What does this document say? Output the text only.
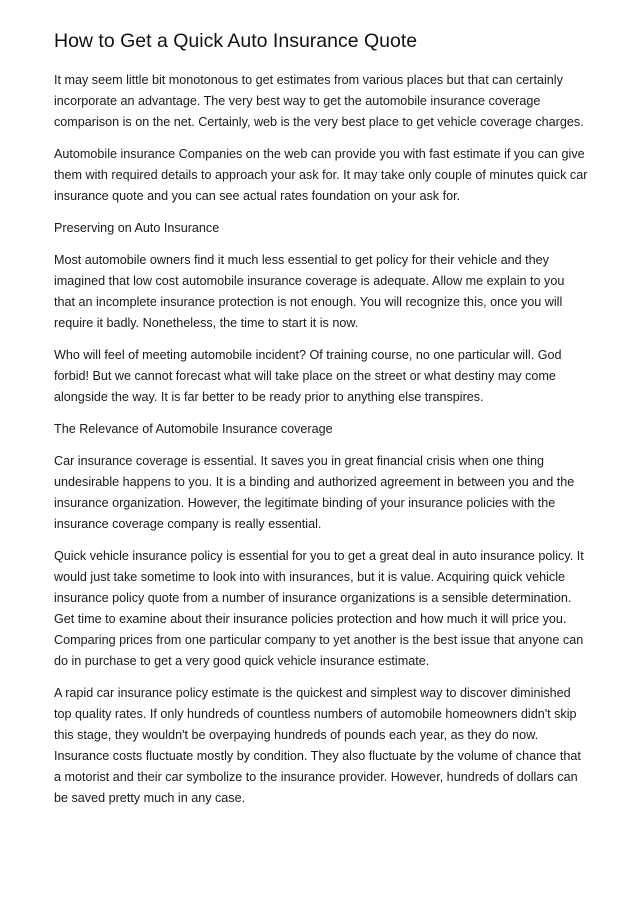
How to Get a Quick Auto Insurance Quote

It may seem little bit monotonous to get estimates from various places but that can certainly incorporate an advantage. The very best way to get the automobile insurance coverage comparison is on the net. Certainly, web is the very best place to get vehicle coverage charges.

Automobile insurance Companies on the web can provide you with fast estimate if you can give them with required details to approach your ask for. It may take only couple of minutes quick car insurance quote and you can see actual rates foundation on your ask for.

Preserving on Auto Insurance

Most automobile owners find it much less essential to get policy for their vehicle and they imagined that low cost automobile insurance coverage is adequate. Allow me explain to you that an incomplete insurance protection is not enough. You will recognize this, once you will require it badly. Nonetheless, the time to start it is now.

Who will feel of meeting automobile incident? Of training course, no one particular will. God forbid! But we cannot forecast what will take place on the street or what destiny may come alongside the way. It is far better to be ready prior to anything else transpires.

The Relevance of Automobile Insurance coverage

Car insurance coverage is essential. It saves you in great financial crisis when one thing undesirable happens to you. It is a binding and authorized agreement in between you and the insurance organization. However, the legitimate binding of your insurance policies with the insurance coverage company is really essential.

Quick vehicle insurance policy is essential for you to get a great deal in auto insurance policy. It would just take sometime to look into with insurances, but it is value. Acquiring quick vehicle insurance policy quote from a number of insurance organizations is a sensible determination. Get time to examine about their insurance policies protection and how much it will price you. Comparing prices from one particular company to yet another is the best issue that anyone can do in purchase to get a very good quick vehicle insurance estimate.

A rapid car insurance policy estimate is the quickest and simplest way to discover diminished top quality rates. If only hundreds of countless numbers of automobile homeowners didn't skip this stage, they wouldn't be overpaying hundreds of pounds each year, as they do now. Insurance costs fluctuate mostly by condition. They also fluctuate by the volume of chance that a motorist and their car symbolize to the insurance provider. However, hundreds of dollars can be saved pretty much in any case.
